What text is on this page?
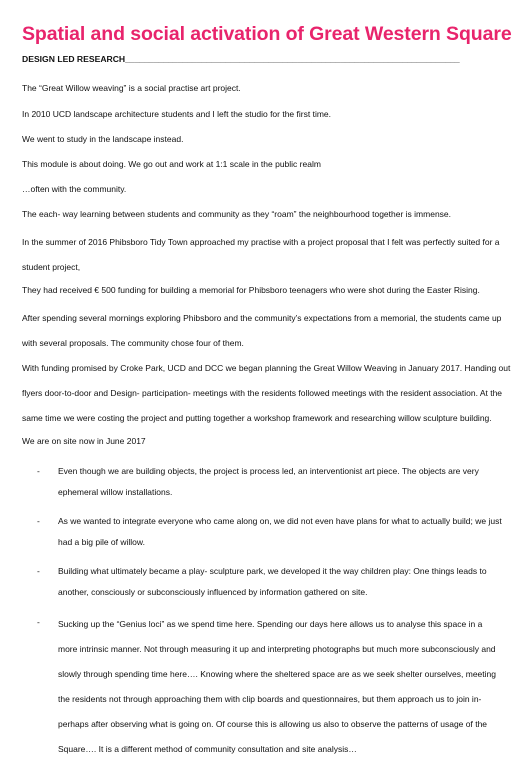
Spatial and social activation of Great Western Square
DESIGN LED RESEARCH______________________________________________________________________

The “Great Willow weaving” is a social practise art project.

In 2010 UCD landscape architecture students and I left the studio for the first time.

We went to study in the landscape instead.

This module is about doing. We go out and work at 1:1 scale in the public realm

…often with the community.

The each- way learning between students and community as they “roam” the neighbourhood together is immense.

In the summer of 2016 Phibsboro Tidy Town approached my practise with a project proposal that I felt was perfectly suited for a student project,

They had received € 500 funding for building a memorial for Phibsboro teenagers who were shot during the Easter Rising.

After spending several mornings exploring Phibsboro and the community’s expectations from a memorial, the students came up with several proposals. The community chose four of them.

With funding promised by Croke Park, UCD and DCC we began planning the Great Willow Weaving in January 2017. Handing out flyers door-to-door and Design- participation- meetings with the residents followed meetings with the resident association. At the same time we were costing the project and putting together a workshop framework and researching willow sculpture building.

We are on site now in June 2017

- Even though we are building objects, the project is process led, an interventionist art piece. The objects are very ephemeral willow installations.

- As we wanted to integrate everyone who came along on, we did not even have plans for what to actually build; we just had a big pile of willow.

- Building what ultimately became a play- sculpture park, we developed it the way children play: One things leads to another, consciously or subconsciously influenced by information gathered on site.

- Sucking up the “Genius loci” as we spend time here. Spending our days here allows us to analyse this space in a more intrinsic manner. Not through measuring it up and interpreting photographs but much more subconsciously and slowly through spending time here…. Knowing where the sheltered space are as we seek shelter ourselves, meeting the residents not through approaching them with clip boards and questionnaires, but them approach us to join in- perhaps after observing what is going on. Of course this is allowing us also to observe the patterns of usage of the Square…. It is a different method of community consultation and site analysis…
